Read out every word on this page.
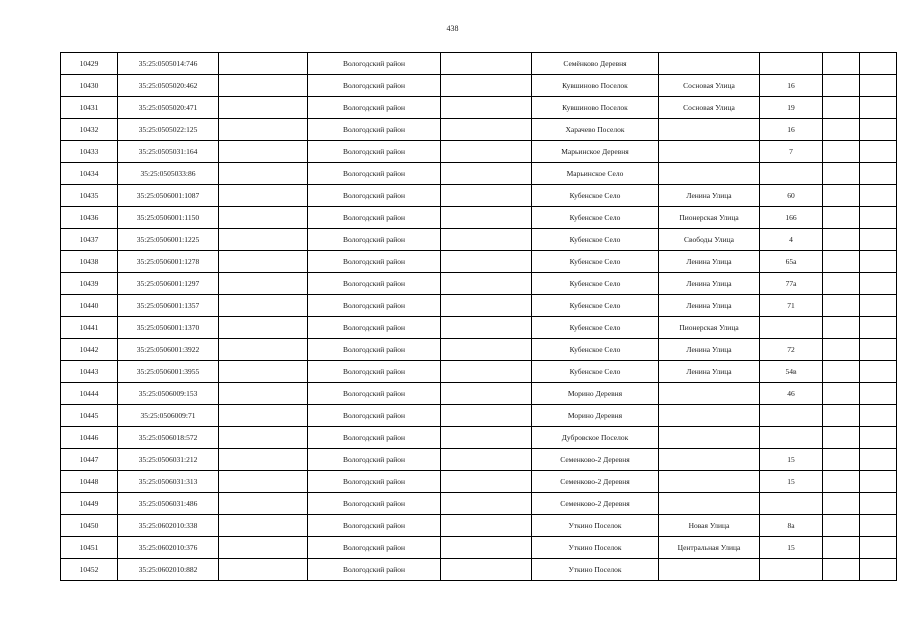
438
10429	35:25:0505014:746		Вологодский район		Семёнково Деревня				
10430	35:25:0505020:462		Вологодский район		Кувшиново Поселок	Сосновая Улица	16		
10431	35:25:0505020:471		Вологодский район		Кувшиново Поселок	Сосновая Улица	19		
10432	35:25:0505022:125		Вологодский район		Харачево Поселок		16		
10433	35:25:0505031:164		Вологодский район		Марьинское Деревня		7		
10434	35:25:0505033:86		Вологодский район		Марьинское Село				
10435	35:25:0506001:1087		Вологодский район		Кубенское Село	Ленина Улица	60		
10436	35:25:0506001:1150		Вологодский район		Кубенское Село	Пионерская Улица	166		
10437	35:25:0506001:1225		Вологодский район		Кубенское Село	Свободы Улица	4		
10438	35:25:0506001:1278		Вологодский район		Кубенское Село	Ленина Улица	65а		
10439	35:25:0506001:1297		Вологодский район		Кубенское Село	Ленина Улица	77а		
10440	35:25:0506001:1357		Вологодский район		Кубенское Село	Ленина Улица	71		
10441	35:25:0506001:1370		Вологодский район		Кубенское Село	Пионерская Улица			
10442	35:25:0506001:3922		Вологодский район		Кубенское Село	Ленина Улица	72		
10443	35:25:0506001:3955		Вологодский район		Кубенское Село	Ленина Улица	54в		
10444	35:25:0506009:153		Вологодский район		Морино Деревня		46		
10445	35:25:0506009:71		Вологодский район		Морино Деревня				
10446	35:25:0506018:572		Вологодский район		Дубровское Поселок				
10447	35:25:0506031:212		Вологодский район		Семенково-2 Деревня		15		
10448	35:25:0506031:313		Вологодский район		Семенково-2 Деревня		15		
10449	35:25:0506031:486		Вологодский район		Семенково-2 Деревня				
10450	35:25:0602010:338		Вологодский район		Уткино Поселок	Новая Улица	8а		
10451	35:25:0602010:376		Вологодский район		Уткино Поселок	Центральная Улица	15		
10452	35:25:0602010:882		Вологодский район		Уткино Поселок				
